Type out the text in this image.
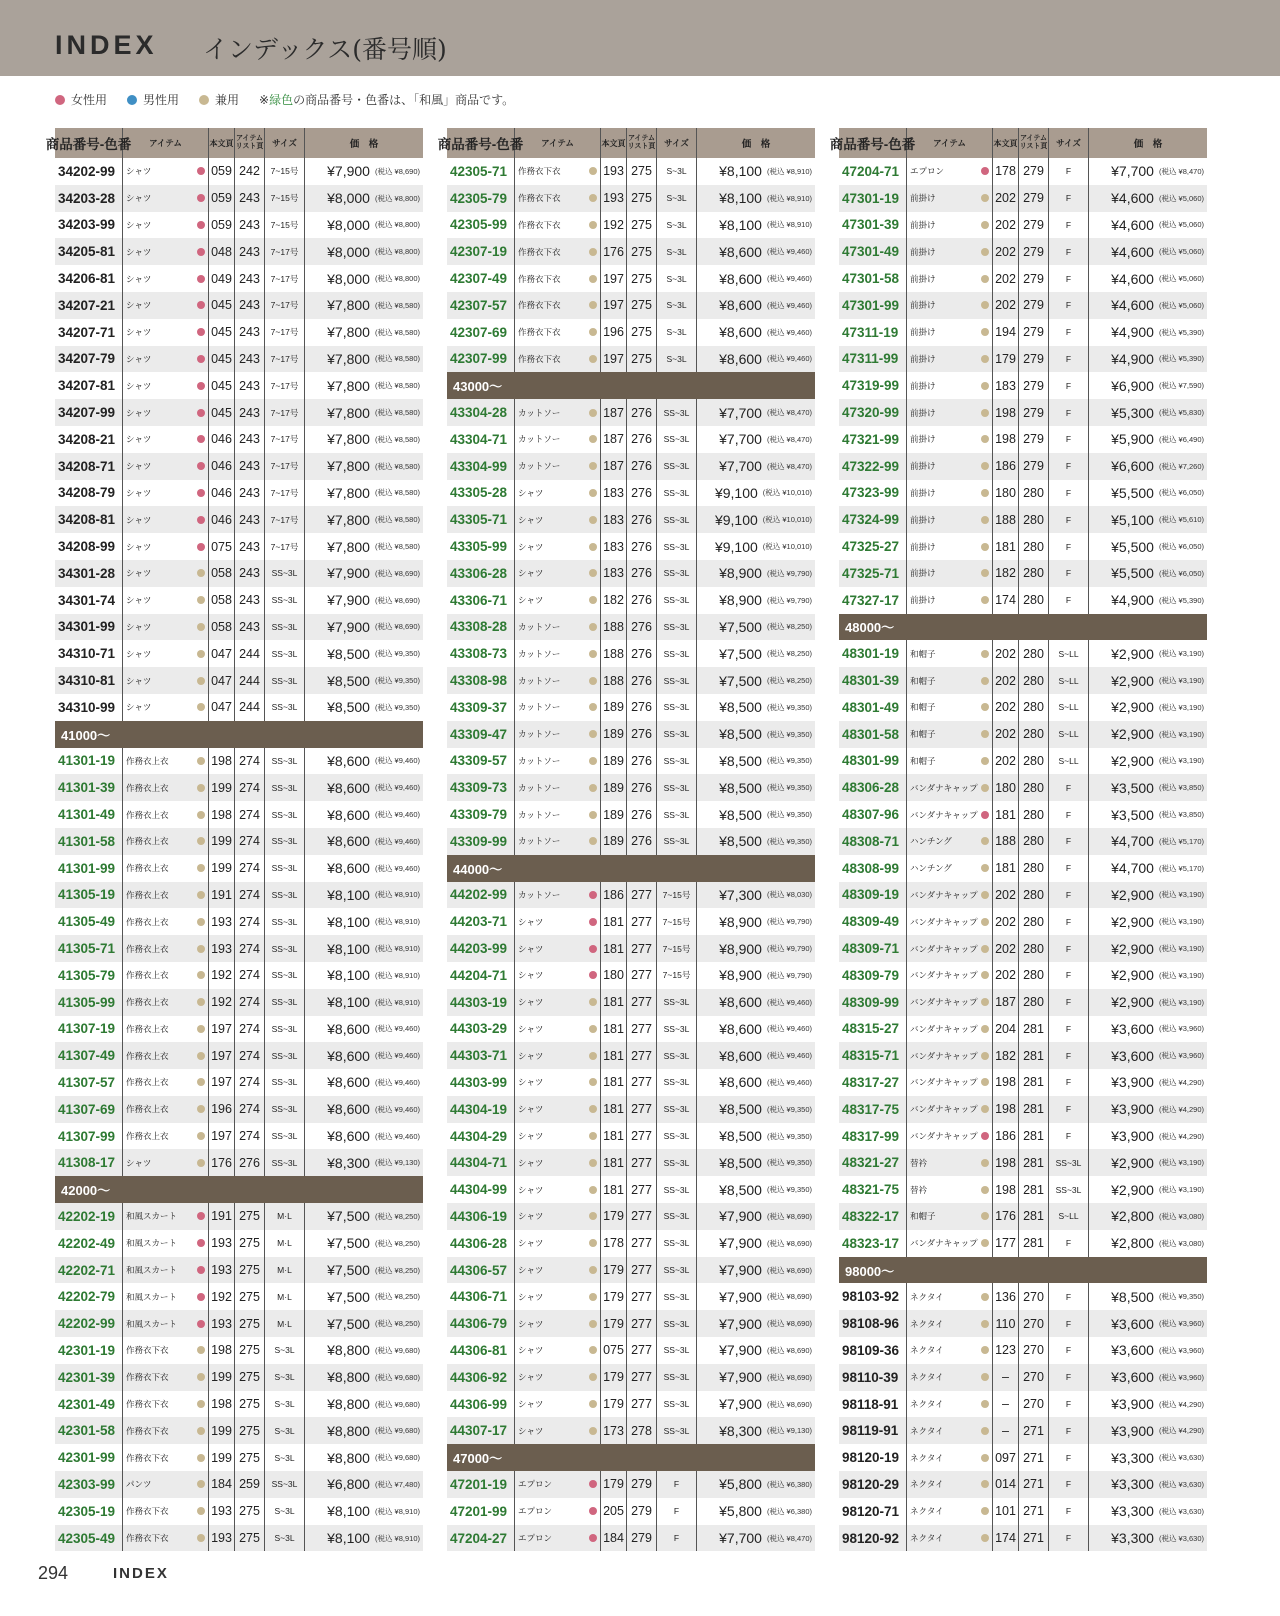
INDEX インデックス(番号順)
女性用	男性用	兼用 ※緑色の商品番号・色番は、「和風」商品です。
商品番号-色番	アイテム	本文頁 アイテムリスト頁	サイズ	価　格
34202-99	シャツ	059 242	7~15号	¥7,900 (税込 ¥8,690)
34203-28	シャツ	059 243	7~15号	¥8,000 (税込 ¥8,800)
34203-99	シャツ	059 243	7~15号	¥8,000 (税込 ¥8,800)
34205-81	シャツ	048 243	7~17号	¥8,000 (税込 ¥8,800)
34206-81	シャツ	049 243	7~17号	¥8,000 (税込 ¥8,800)
34207-21	シャツ	045 243	7~17号	¥7,800 (税込 ¥8,580)
34207-71	シャツ	045 243	7~17号	¥7,800 (税込 ¥8,580)
34207-79	シャツ	045 243	7~17号	¥7,800 (税込 ¥8,580)
34207-81	シャツ	045 243	7~17号	¥7,800 (税込 ¥8,580)
34207-99	シャツ	045 243	7~17号	¥7,800 (税込 ¥8,580)
34208-21	シャツ	046 243	7~17号	¥7,800 (税込 ¥8,580)
34208-71	シャツ	046 243	7~17号	¥7,800 (税込 ¥8,580)
34208-79	シャツ	046 243	7~17号	¥7,800 (税込 ¥8,580)
34208-81	シャツ	046 243	7~17号	¥7,800 (税込 ¥8,580)
34208-99	シャツ	075 243	7~17号	¥7,800 (税込 ¥8,580)
34301-28	シャツ	058 243	SS~3L	¥7,900 (税込 ¥8,690)
34301-74	シャツ	058 243	SS~3L	¥7,900 (税込 ¥8,690)
34301-99	シャツ	058 243	SS~3L	¥7,900 (税込 ¥8,690)
34310-71	シャツ	047 244	SS~3L	¥8,500 (税込 ¥9,350)
34310-81	シャツ	047 244	SS~3L	¥8,500 (税込 ¥9,350)
34310-99	シャツ	047 244	SS~3L	¥8,500 (税込 ¥9,350)
41000～
41301-19	作務衣上衣	198 274	SS~3L	¥8,600 (税込 ¥9,460)
41301-39	作務衣上衣	199 274	SS~3L	¥8,600 (税込 ¥9,460)
41301-49	作務衣上衣	198 274	SS~3L	¥8,600 (税込 ¥9,460)
41301-58	作務衣上衣	199 274	SS~3L	¥8,600 (税込 ¥9,460)
41301-99	作務衣上衣	199 274	SS~3L	¥8,600 (税込 ¥9,460)
41305-19	作務衣上衣	191 274	SS~3L	¥8,100 (税込 ¥8,910)
41305-49	作務衣上衣	193 274	SS~3L	¥8,100 (税込 ¥8,910)
41305-71	作務衣上衣	193 274	SS~3L	¥8,100 (税込 ¥8,910)
41305-79	作務衣上衣	192 274	SS~3L	¥8,100 (税込 ¥8,910)
41305-99	作務衣上衣	192 274	SS~3L	¥8,100 (税込 ¥8,910)
41307-19	作務衣上衣	197 274	SS~3L	¥8,600 (税込 ¥9,460)
41307-49	作務衣上衣	197 274	SS~3L	¥8,600 (税込 ¥9,460)
41307-57	作務衣上衣	197 274	SS~3L	¥8,600 (税込 ¥9,460)
41307-69	作務衣上衣	196 274	SS~3L	¥8,600 (税込 ¥9,460)
41307-99	作務衣上衣	197 274	SS~3L	¥8,600 (税込 ¥9,460)
41308-17	シャツ	176 276	SS~3L	¥8,300 (税込 ¥9,130)
42000～
42202-19	和風スカート	191 275	M·L	¥7,500 (税込 ¥8,250)
42202-49	和風スカート	193 275	M·L	¥7,500 (税込 ¥8,250)
42202-71	和風スカート	193 275	M·L	¥7,500 (税込 ¥8,250)
42202-79	和風スカート	192 275	M·L	¥7,500 (税込 ¥8,250)
42202-99	和風スカート	193 275	M·L	¥7,500 (税込 ¥8,250)
42301-19	作務衣下衣	198 275	S~3L	¥8,800 (税込 ¥9,680)
42301-39	作務衣下衣	199 275	S~3L	¥8,800 (税込 ¥9,680)
42301-49	作務衣下衣	198 275	S~3L	¥8,800 (税込 ¥9,680)
42301-58	作務衣下衣	199 275	S~3L	¥8,800 (税込 ¥9,680)
42301-99	作務衣下衣	199 275	S~3L	¥8,800 (税込 ¥9,680)
42303-99	パンツ	184 259	SS~3L	¥6,800 (税込 ¥7,480)
42305-19	作務衣下衣	193 275	S~3L	¥8,100 (税込 ¥8,910)
42305-49	作務衣下衣	193 275	S~3L	¥8,100 (税込 ¥8,910)
商品番号-色番	アイテム	本文頁 アイテムリスト頁	サイズ	価　格
42305-71	作務衣下衣	193 275	S~3L	¥8,100 (税込 ¥8,910)
42305-79	作務衣下衣	193 275	S~3L	¥8,100 (税込 ¥8,910)
42305-99	作務衣下衣	192 275	S~3L	¥8,100 (税込 ¥8,910)
42307-19	作務衣下衣	176 275	S~3L	¥8,600 (税込 ¥9,460)
42307-49	作務衣下衣	197 275	S~3L	¥8,600 (税込 ¥9,460)
42307-57	作務衣下衣	197 275	S~3L	¥8,600 (税込 ¥9,460)
42307-69	作務衣下衣	196 275	S~3L	¥8,600 (税込 ¥9,460)
42307-99	作務衣下衣	197 275	S~3L	¥8,600 (税込 ¥9,460)
43000～
43304-28	カットソー	187 276	SS~3L	¥7,700 (税込 ¥8,470)
43304-71	カットソー	187 276	SS~3L	¥7,700 (税込 ¥8,470)
43304-99	カットソー	187 276	SS~3L	¥7,700 (税込 ¥8,470)
43305-28	シャツ	183 276	SS~3L	¥9,100 (税込 ¥10,010)
43305-71	シャツ	183 276	SS~3L	¥9,100 (税込 ¥10,010)
43305-99	シャツ	183 276	SS~3L	¥9,100 (税込 ¥10,010)
43306-28	シャツ	183 276	SS~3L	¥8,900 (税込 ¥9,790)
43306-71	シャツ	182 276	SS~3L	¥8,900 (税込 ¥9,790)
43308-28	カットソー	188 276	SS~3L	¥7,500 (税込 ¥8,250)
43308-73	カットソー	188 276	SS~3L	¥7,500 (税込 ¥8,250)
43308-98	カットソー	188 276	SS~3L	¥7,500 (税込 ¥8,250)
43309-37	カットソー	189 276	SS~3L	¥8,500 (税込 ¥9,350)
43309-47	カットソー	189 276	SS~3L	¥8,500 (税込 ¥9,350)
43309-57	カットソー	189 276	SS~3L	¥8,500 (税込 ¥9,350)
43309-73	カットソー	189 276	SS~3L	¥8,500 (税込 ¥9,350)
43309-79	カットソー	189 276	SS~3L	¥8,500 (税込 ¥9,350)
43309-99	カットソー	189 276	SS~3L	¥8,500 (税込 ¥9,350)
44000～
44202-99	カットソー	186 277	7~15号	¥7,300 (税込 ¥8,030)
44203-71	シャツ	181 277	7~15号	¥8,900 (税込 ¥9,790)
44203-99	シャツ	181 277	7~15号	¥8,900 (税込 ¥9,790)
44204-71	シャツ	180 277	7~15号	¥8,900 (税込 ¥9,790)
44303-19	シャツ	181 277	SS~3L	¥8,600 (税込 ¥9,460)
44303-29	シャツ	181 277	SS~3L	¥8,600 (税込 ¥9,460)
44303-71	シャツ	181 277	SS~3L	¥8,600 (税込 ¥9,460)
44303-99	シャツ	181 277	SS~3L	¥8,600 (税込 ¥9,460)
44304-19	シャツ	181 277	SS~3L	¥8,500 (税込 ¥9,350)
44304-29	シャツ	181 277	SS~3L	¥8,500 (税込 ¥9,350)
44304-71	シャツ	181 277	SS~3L	¥8,500 (税込 ¥9,350)
44304-99	シャツ	181 277	SS~3L	¥8,500 (税込 ¥9,350)
44306-19	シャツ	179 277	SS~3L	¥7,900 (税込 ¥8,690)
44306-28	シャツ	178 277	SS~3L	¥7,900 (税込 ¥8,690)
44306-57	シャツ	179 277	SS~3L	¥7,900 (税込 ¥8,690)
44306-71	シャツ	179 277	SS~3L	¥7,900 (税込 ¥8,690)
44306-79	シャツ	179 277	SS~3L	¥7,900 (税込 ¥8,690)
44306-81	シャツ	075 277	SS~3L	¥7,900 (税込 ¥8,690)
44306-92	シャツ	179 277	SS~3L	¥7,900 (税込 ¥8,690)
44306-99	シャツ	179 277	SS~3L	¥7,900 (税込 ¥8,690)
44307-17	シャツ	173 278	SS~3L	¥8,300 (税込 ¥9,130)
47000～
47201-19	エプロン	179 279	F	¥5,800 (税込 ¥6,380)
47201-99	エプロン	205 279	F	¥5,800 (税込 ¥6,380)
47204-27	エプロン	184 279	F	¥7,700 (税込 ¥8,470)
商品番号-色番	アイテム	本文頁 アイテムリスト頁	サイズ	価　格
47204-71	エプロン	178 279	F	¥7,700 (税込 ¥8,470)
47301-19	前掛け	202 279	F	¥4,600 (税込 ¥5,060)
47301-39	前掛け	202 279	F	¥4,600 (税込 ¥5,060)
47301-49	前掛け	202 279	F	¥4,600 (税込 ¥5,060)
47301-58	前掛け	202 279	F	¥4,600 (税込 ¥5,060)
47301-99	前掛け	202 279	F	¥4,600 (税込 ¥5,060)
47311-19	前掛け	194 279	F	¥4,900 (税込 ¥5,390)
47311-99	前掛け	179 279	F	¥4,900 (税込 ¥5,390)
47319-99	前掛け	183 279	F	¥6,900 (税込 ¥7,590)
47320-99	前掛け	198 279	F	¥5,300 (税込 ¥5,830)
47321-99	前掛け	198 279	F	¥5,900 (税込 ¥6,490)
47322-99	前掛け	186 279	F	¥6,600 (税込 ¥7,260)
47323-99	前掛け	180 280	F	¥5,500 (税込 ¥6,050)
47324-99	前掛け	188 280	F	¥5,100 (税込 ¥5,610)
47325-27	前掛け	181 280	F	¥5,500 (税込 ¥6,050)
47325-71	前掛け	182 280	F	¥5,500 (税込 ¥6,050)
47327-17	前掛け	174 280	F	¥4,900 (税込 ¥5,390)
48000～
48301-19	和帽子	202 280	S~LL	¥2,900 (税込 ¥3,190)
48301-39	和帽子	202 280	S~LL	¥2,900 (税込 ¥3,190)
48301-49	和帽子	202 280	S~LL	¥2,900 (税込 ¥3,190)
48301-58	和帽子	202 280	S~LL	¥2,900 (税込 ¥3,190)
48301-99	和帽子	202 280	S~LL	¥2,900 (税込 ¥3,190)
48306-28	バンダナキャップ 180 280	F	¥3,500 (税込 ¥3,850)
48307-96	バンダナキャップ 181 280	F	¥3,500 (税込 ¥3,850)
48308-71	ハンチング	188 280	F	¥4,700 (税込 ¥5,170)
48308-99	ハンチング	181 280	F	¥4,700 (税込 ¥5,170)
48309-19	バンダナキャップ 202 280	F	¥2,900 (税込 ¥3,190)
48309-49	バンダナキャップ 202 280	F	¥2,900 (税込 ¥3,190)
48309-71	バンダナキャップ 202 280	F	¥2,900 (税込 ¥3,190)
48309-79	バンダナキャップ 202 280	F	¥2,900 (税込 ¥3,190)
48309-99	バンダナキャップ 187 280	F	¥2,900 (税込 ¥3,190)
48315-27	バンダナキャップ 204 281	F	¥3,600 (税込 ¥3,960)
48315-71	バンダナキャップ 182 281	F	¥3,600 (税込 ¥3,960)
48317-27	バンダナキャップ 198 281	F	¥3,900 (税込 ¥4,290)
48317-75	バンダナキャップ 198 281	F	¥3,900 (税込 ¥4,290)
48317-99	バンダナキャップ 186 281	F	¥3,900 (税込 ¥4,290)
48321-27	替衿	198 281	SS~3L	¥2,900 (税込 ¥3,190)
48321-75	替衿	198 281	SS~3L	¥2,900 (税込 ¥3,190)
48322-17	和帽子	176 281	S~LL	¥2,800 (税込 ¥3,080)
48323-17	バンダナキャップ 177 281	F	¥2,800 (税込 ¥3,080)
98000～
98103-92	ネクタイ	136 270	F	¥8,500 (税込 ¥9,350)
98108-96	ネクタイ	110 270	F	¥3,600 (税込 ¥3,960)
98109-36	ネクタイ	123 270	F	¥3,600 (税込 ¥3,960)
98110-39	ネクタイ	–	270	F	¥3,600 (税込 ¥3,960)
98118-91	ネクタイ	–	270	F	¥3,900 (税込 ¥4,290)
98119-91	ネクタイ	–	271	F	¥3,900 (税込 ¥4,290)
98120-19	ネクタイ	097 271	F	¥3,300 (税込 ¥3,630)
98120-29	ネクタイ	014 271	F	¥3,300 (税込 ¥3,630)
98120-71	ネクタイ	101 271	F	¥3,300 (税込 ¥3,630)
98120-92	ネクタイ	174 271	F	¥3,300 (税込 ¥3,630)
294	INDEX
